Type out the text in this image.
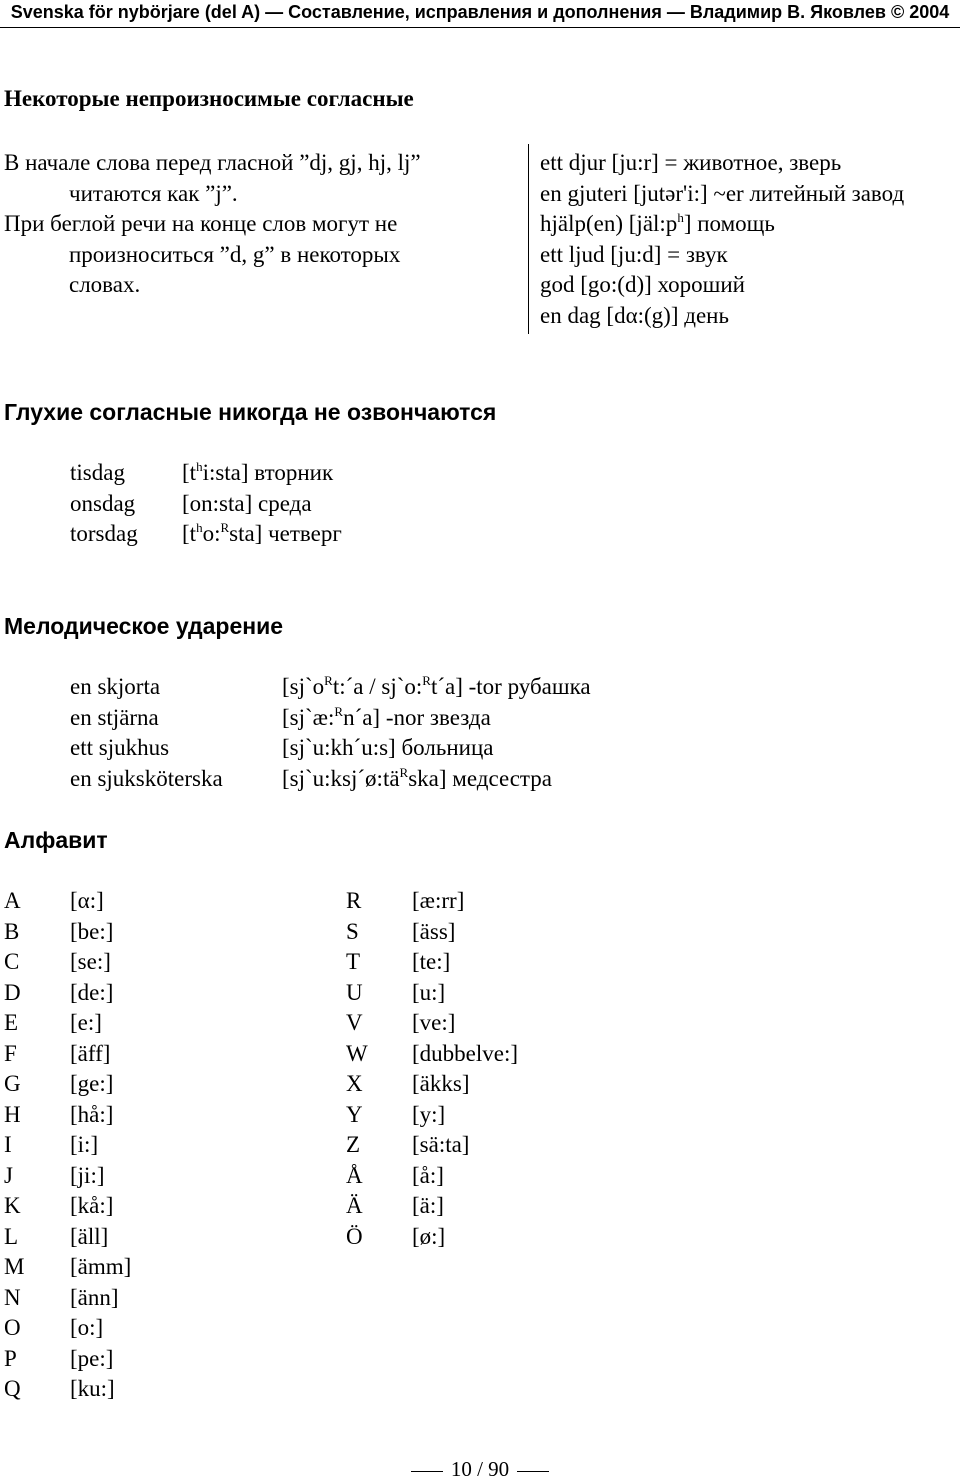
Svenska för nybörjare (del A) — Составление, исправления и дополнения — Владимир В. Яковлев © 2004
Некоторые непроизносимые согласные
В начале слова перед гласной ”dj, gj, hj, lj”
читаются как ”j”.
При беглой речи на конце слов могут не
произноситься ”d, g” в некоторых
словах.
ett djur [ju:r] = животное, зверь
en gjuteri [jutər'i:] ~er литейный завод
hjälp(en) $[jäl:p^h]$ помощь
ett ljud [ju:d] = звук
god [go:(d)] хороший
en dag [dα:(g)] день
Глухие согласные никогда не озвончаются
tisdag	$[t^hi:sta]$ вторник
onsdag	[on:sta] среда
torsdag	$[t^ho:^Rsta]$ четверг
Мелодическое ударение
en skjorta	[$sj`o^Rt:´a$ / sj`o:$^R$t´a] -tor рубашка
en stjärna	[sj`æ:$^R$n´a] -nor звезда
ett sjukhus	[sj`u:kh´u:s] больница
en sjuksköterska	$[sj`u:ksj´ø:tä^Rska]$ медсестра
Алфавит
A	[α:]	R	[æ:rr]
B	[be:]	S	[äss]
C	[se:]	T	[te:]
D	[de:]	U	[u:]
E	[e:]	V	[ve:]
F	[äff]	W	[dubbelve:]
G	[ge:]	X	[äkks]
H	[hå:]	Y	[y:]
I	[i:]	Z	[sä:ta]
J	[ji:]	Å	[å:]
K	[kå:]	Ä	[ä:]
L	[äll]	Ö	[ø:]
M	[ämm]
N	[änn]
O	[o:]
P	[pe:]
Q	[ku:]
10 / 90
